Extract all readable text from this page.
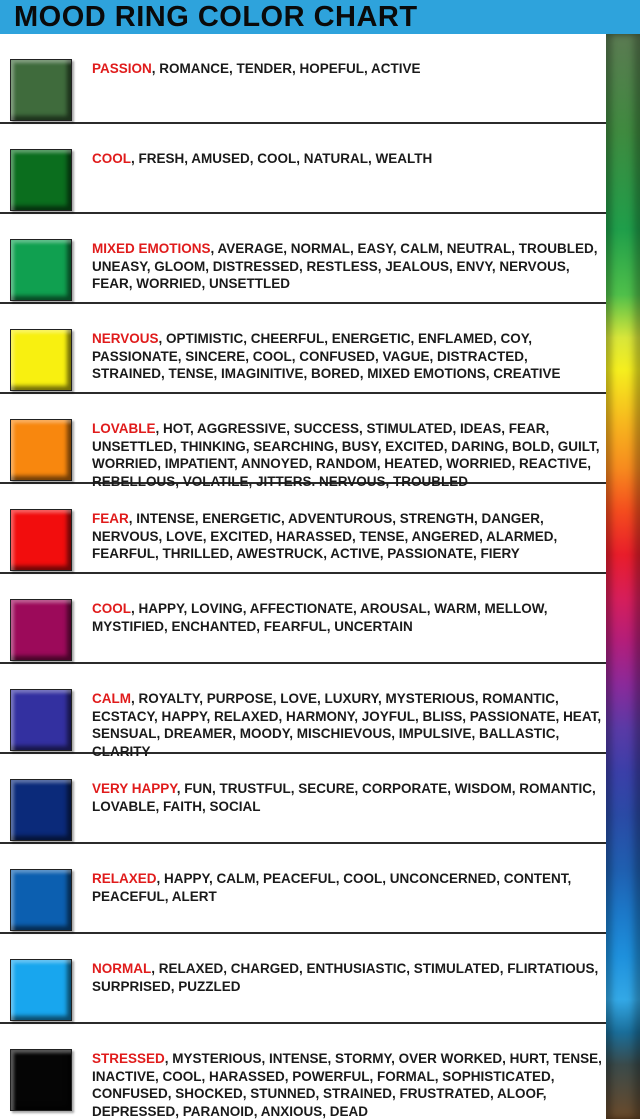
MOOD RING COLOR CHART
PASSION, ROMANCE, TENDER, HOPEFUL, ACTIVE
COOL, FRESH, AMUSED, COOL, NATURAL, WEALTH
MIXED EMOTIONS, AVERAGE, NORMAL, EASY, CALM, NEUTRAL, TROUBLED, UNEASY, GLOOM, DISTRESSED, RESTLESS, JEALOUS, ENVY, NERVOUS, FEAR, WORRIED, UNSETTLED
NERVOUS, OPTIMISTIC, CHEERFUL, ENERGETIC, ENFLAMED, COY, PASSIONATE, SINCERE, COOL, CONFUSED, VAGUE, DISTRACTED, STRAINED, TENSE, IMAGINITIVE, BORED, MIXED EMOTIONS, CREATIVE
LOVABLE, HOT, AGGRESSIVE, SUCCESS, STIMULATED, IDEAS, FEAR, UNSETTLED, THINKING, SEARCHING, BUSY, EXCITED, DARING, BOLD, GUILT, WORRIED, IMPATIENT, ANNOYED, RANDOM, HEATED, WORRIED, REACTIVE, REBELLOUS, VOLATILE, JITTERS. NERVOUS, TROUBLED
FEAR, INTENSE, ENERGETIC, ADVENTUROUS, STRENGTH, DANGER, NERVOUS, LOVE, EXCITED, HARASSED, TENSE, ANGERED, ALARMED, FEARFUL, THRILLED, AWESTRUCK, ACTIVE, PASSIONATE, FIERY
COOL, HAPPY, LOVING, AFFECTIONATE, AROUSAL, WARM, MELLOW, MYSTIFIED, ENCHANTED, FEARFUL, UNCERTAIN
CALM, ROYALTY, PURPOSE, LOVE, LUXURY, MYSTERIOUS, ROMANTIC, ECSTACY, HAPPY, RELAXED, HARMONY, JOYFUL, BLISS, PASSIONATE, HEAT, SENSUAL, DREAMER, MOODY, MISCHIEVOUS, IMPULSIVE, BALLASTIC, CLARITY
VERY HAPPY, FUN, TRUSTFUL, SECURE, CORPORATE, WISDOM, ROMANTIC, LOVABLE, FAITH, SOCIAL
RELAXED, HAPPY, CALM, PEACEFUL, COOL, UNCONCERNED, CONTENT, PEACEFUL, ALERT
NORMAL, RELAXED, CHARGED, ENTHUSIASTIC, STIMULATED, FLIRTATIOUS, SURPRISED, PUZZLED
STRESSED, MYSTERIOUS, INTENSE, STORMY, OVER WORKED, HURT, TENSE, INACTIVE, COOL, HARASSED, POWERFUL, FORMAL, SOPHISTICATED, CONFUSED, SHOCKED, STUNNED, STRAINED, FRUSTRATED, ALOOF, DEPRESSED, PARANOID, ANXIOUS, DEAD
